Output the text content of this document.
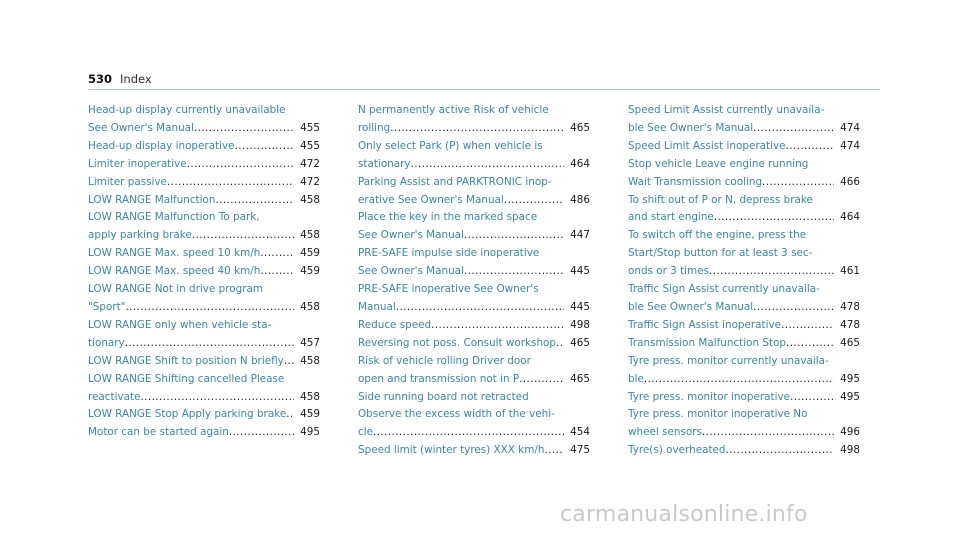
530 Index
Head-up display currently unavailable
See Owner's Manual .....	455
Head-up display inoperative .....	455
Limiter inoperative .....	472
Limiter passive .....	472
LOW RANGE Malfunction .....	458
LOW RANGE Malfunction To park,
apply parking brake .....	458
LOW RANGE Max. speed 10 km/h .....	459
LOW RANGE Max. speed 40 km/h .....	459
LOW RANGE Not in drive program
"Sport" .....	458
LOW RANGE only when vehicle sta-
tionary .....	457
LOW RANGE Shift to position N briefly .....	458
LOW RANGE Shifting cancelled Please
reactivate .....	458
LOW RANGE Stop Apply parking brake .....	459
Motor can be started again .....	495
N permanently active Risk of vehicle
rolling .....	465
Only select Park (P) when vehicle is
stationary .....	464
Parking Assist and PARKTRONIC inop-
erative See Owner's Manual .....	486
Place the key in the marked space
See Owner's Manual .....	447
PRE-SAFE impulse side inoperative
See Owner's Manual .....	445
PRE-SAFE inoperative See Owner's
Manual .....	445
Reduce speed .....	498
Reversing not poss. Consult workshop .....	465
Risk of vehicle rolling Driver door
open and transmission not in P .....	465
Side running board not retracted
Observe the excess width of the vehi-
cle .....	454
Speed limit (winter tyres) XXX km/h .....	475
Speed Limit Assist currently unavaila-
ble See Owner's Manual .....	474
Speed Limit Assist inoperative .....	474
Stop vehicle Leave engine running
Wait Transmission cooling .....	466
To shift out of P or N, depress brake
and start engine .....	464
To switch off the engine, press the
Start/Stop button for at least 3 sec-
onds or 3 times .....	461
Traffic Sign Assist currently unavaila-
ble See Owner's Manual .....	478
Traffic Sign Assist inoperative .....	478
Transmission Malfunction Stop .....	465
Tyre press. monitor currently unavaila-
ble .....	495
Tyre press. monitor inoperative .....	495
Tyre press. monitor inoperative No
wheel sensors .....	496
Tyre(s) overheated .....	498
carmanualsonline.info
